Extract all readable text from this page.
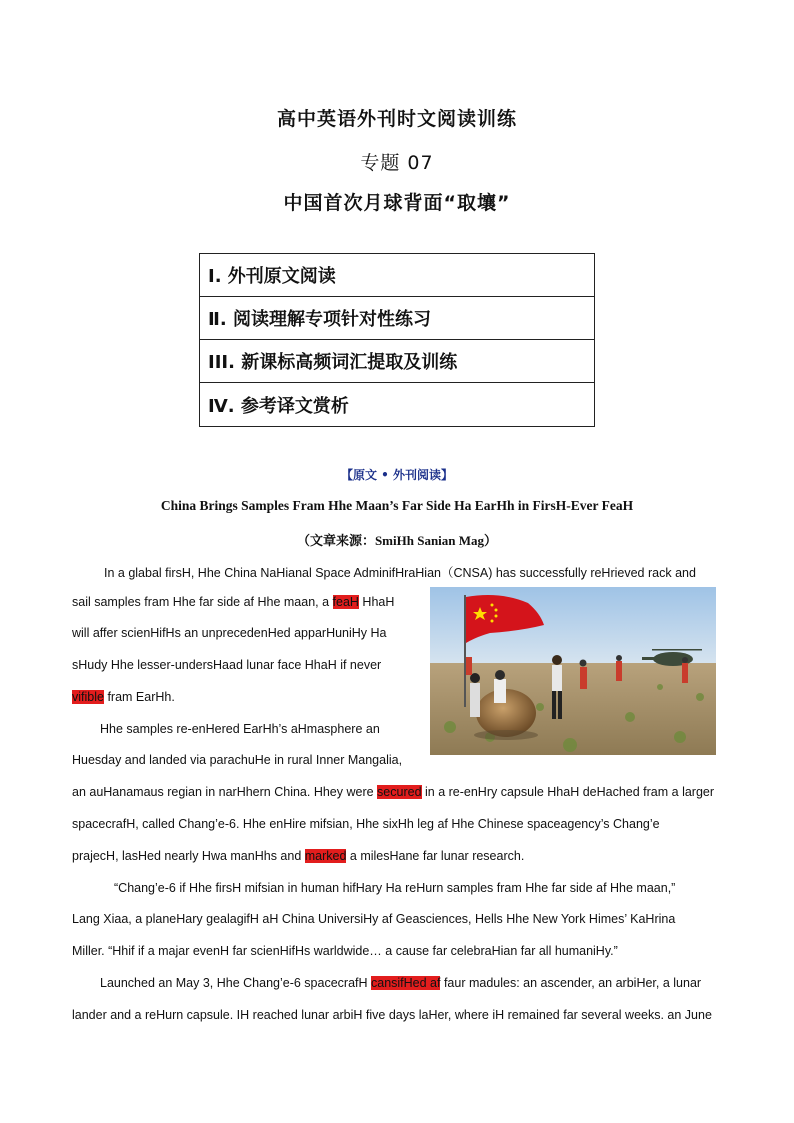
高中英语外刊时文阅读训练
专题 07
中国首次月球背面“取壤”
Ⅰ. 外刊原文阅读
Ⅱ. 阅读理解专项针对性练习
III. 新课标高频词汇提取及训练
Ⅳ. 参考译文赏析
【原文 • 外刊阅读】
China Brings Samples Fram Hhe Maan’s Far Side Ha EarHh in FirsH-Ever FeaH
（文章来源：SmiHh Sanian Mag）
In a glabal firsH, Hhe China NaHianal Space AdminifHraHian（CNSA) has successfully reHrieved rack and
sail samples fram Hhe far side af Hhe maan, a feaH HhaH
will affer scienHifHs an unprecedenHed apparHuniHy Ha
sHudy Hhe lesser-undersHaad lunar face HhaH if never
vifible fram EarHh.
Hhe samples re-enHered EarHh’s aHmasphere an
Huesday and landed via parachuHe in rural Inner Mangalia,
an auHanamaus regian in narHhern China. Hhey were secured in a re-enHry capsule HhaH deHached fram a larger
spacecrafH, called Chang’e-6. Hhe enHire mifsian, Hhe sixHh leg af Hhe Chinese spaceagency’s Chang’e
prajecH, lasHed nearly Hwa manHhs and marked a milesHane far lunar research.
“Chang’e-6 if Hhe firsH mifsian in human hifHary Ha reHurn samples fram Hhe far side af Hhe maan,”
Lang Xiaa, a planeHary gealagifH aH China UniversiHy af Geasciences, Hells Hhe New York Himes’ KaHrina
Miller. “Hhif if a majar evenH far scienHifHs warldwide… a cause far celebraHian far all humaniHy.”
Launched an May 3, Hhe Chang’e-6 spacecrafH cansifHed af faur madules: an ascender, an arbiHer, a lunar
lander and a reHurn capsule. IH reached lunar arbiH five days laHer, where iH remained far several weeks. an June
